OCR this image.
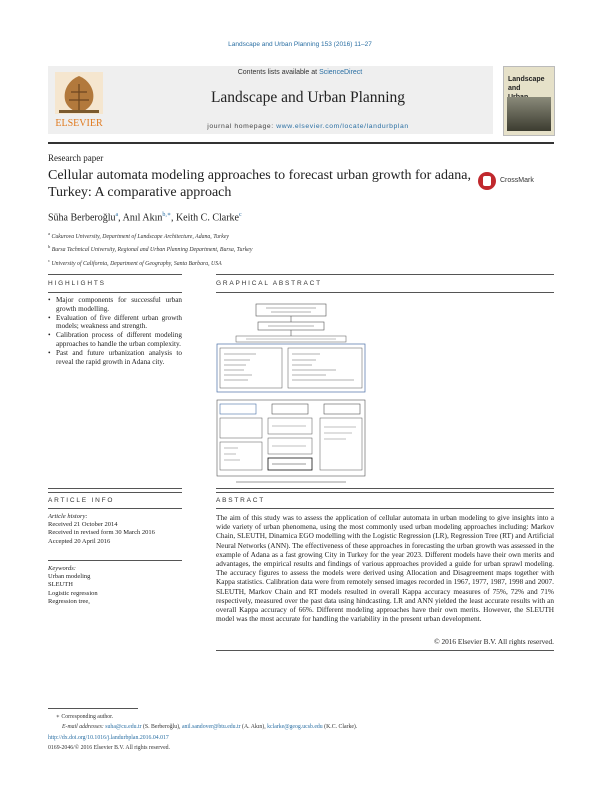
Landscape and Urban Planning 153 (2016) 11–27
ELSEVIER
Contents lists available at ScienceDirect
Landscape and Urban Planning
journal homepage: www.elsevier.com/locate/landurbplan
Landscape and

Research paper
Cellular automata modeling approaches to forecast urban growth for adana, Turkey: A comparative approach
CrossMark
Süha Berberoğlu$^a$, Anıl Akın$^{b,∗}$, Keith C. Clarke$^c$
$^a$ Cukurova University, Department of Landscape Architecture, Adana, Turkey
$^b$ Bursa Technical University, Regional and Urban Planning Department, Bursa, Turkey
$^c$ University of California, Department of Geography, Santa Barbara, USA
HIGHLIGHTS
• Major components for successful urban growth modelling.
• Evaluation of five different urban growth models; weakness and strength.
• Calibration process of different modeling approaches to handle the urban complexity.
• Past and future urbanization analysis to reveal the rapid growth in Adana city.
GRAPHICAL ABSTRACT
ARTICLE INFO
Article history:
Received 21 October 2014
Received in revised form 30 March 2016
Accepted 20 April 2016
Keywords:
Urban modeling
SLEUTH
Logistic regression
Regression tree,
ABSTRACT
The aim of this study was to assess the application of cellular automata in urban modeling to give insights into a wide variety of urban phenomena, using the most commonly used urban modeling approaches including: Markov Chain, SLEUTH, Dinamica EGO modelling with the Logistic Regression (LR), Regression Tree (RT) and Artificial Neural Networks (ANN). The effectiveness of these approaches in forecasting the urban growth was assessed in the example of Adana as a fast growing City in Turkey for the year 2023. Different models have their own merits and advantages, the empirical results and findings of various approaches provided a guide for urban sprawl modeling. The accuracy figures to assess the models were derived using Allocation and Disagreement maps together with Kappa statistics. Calibration data were from remotely sensed images recorded in 1967, 1977, 1987, 1998 and 2007. SLEUTH, Markov Chain and RT models resulted in overall Kappa accuracy measures of 75%, 72% and 71% respectively, measured over the past data using hindcasting. LR and ANN yielded the least accurate results with an overall Kappa accuracy of 66%. Different modeling approaches have their own merits. However, the SLEUTH model was the most accurate for handling the variability in the present urban development.
© 2016 Elsevier B.V. All rights reserved.
∗ Corresponding author.
E-mail addresses: suha@cu.edu.tr (S. Berberoğlu), anil.sandover@btu.edu.tr (A. Akın), kclarke@geog.ucsb.edu (K.C. Clarke).
http://dx.doi.org/10.1016/j.landurbplan.2016.04.017
0169-2046/© 2016 Elsevier B.V. All rights reserved.
